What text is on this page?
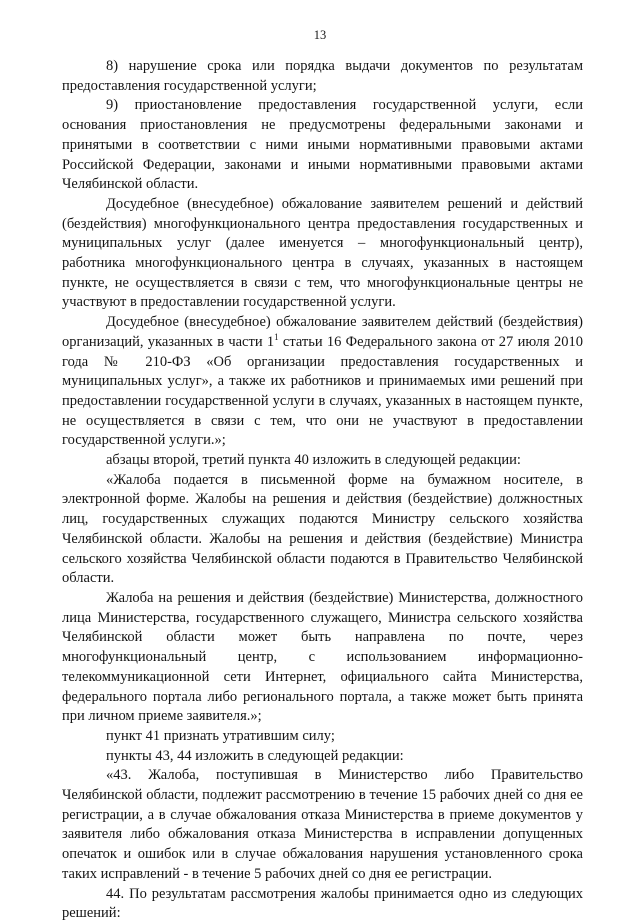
13

8) нарушение срока или порядка выдачи документов по результатам предоставления государственной услуги;

9) приостановление предоставления государственной услуги, если основания приостановления не предусмотрены федеральными законами и принятыми в соответствии с ними иными нормативными правовыми актами Российской Федерации, законами и иными нормативными правовыми актами Челябинской области.

Досудебное (внесудебное) обжалование заявителем решений и действий (бездействия) многофункционального центра предоставления государственных и муниципальных услуг (далее именуется – многофункциональный центр), работника многофункционального центра в случаях, указанных в настоящем пункте, не осуществляется в связи с тем, что многофункциональные центры не участвуют в предоставлении государственной услуги.

Досудебное (внесудебное) обжалование заявителем действий (бездействия) организаций, указанных в части $1^1$ статьи 16 Федерального закона от 27 июля 2010 года № 210-ФЗ «Об организации предоставления государственных и муниципальных услуг», а также их работников и принимаемых ими решений при предоставлении государственной услуги в случаях, указанных в настоящем пункте, не осуществляется в связи с тем, что они не участвуют в предоставлении государственной услуги.»;

абзацы второй, третий пункта 40 изложить в следующей редакции:

«Жалоба подается в письменной форме на бумажном носителе, в электронной форме. Жалобы на решения и действия (бездействие) должностных лиц, государственных служащих подаются Министру сельского хозяйства Челябинской области. Жалобы на решения и действия (бездействие) Министра сельского хозяйства Челябинской области подаются в Правительство Челябинской области.

Жалоба на решения и действия (бездействие) Министерства, должностного лица Министерства, государственного служащего, Министра сельского хозяйства Челябинской области может быть направлена по почте, через многофункциональный центр, с использованием информационно-телекоммуникационной сети Интернет, официального сайта Министерства, федерального портала либо регионального портала, а также может быть принята при личном приеме заявителя.»;

пункт 41 признать утратившим силу;

пункты 43, 44 изложить в следующей редакции:

«43. Жалоба, поступившая в Министерство либо Правительство Челябинской области, подлежит рассмотрению в течение 15 рабочих дней со дня ее регистрации, а в случае обжалования отказа Министерства в приеме документов у заявителя либо обжалования отказа Министерства в исправлении допущенных опечаток и ошибок или в случае обжалования нарушения установленного срока таких исправлений - в течение 5 рабочих дней со дня ее регистрации.

44. По результатам рассмотрения жалобы принимается одно из следующих решений:
